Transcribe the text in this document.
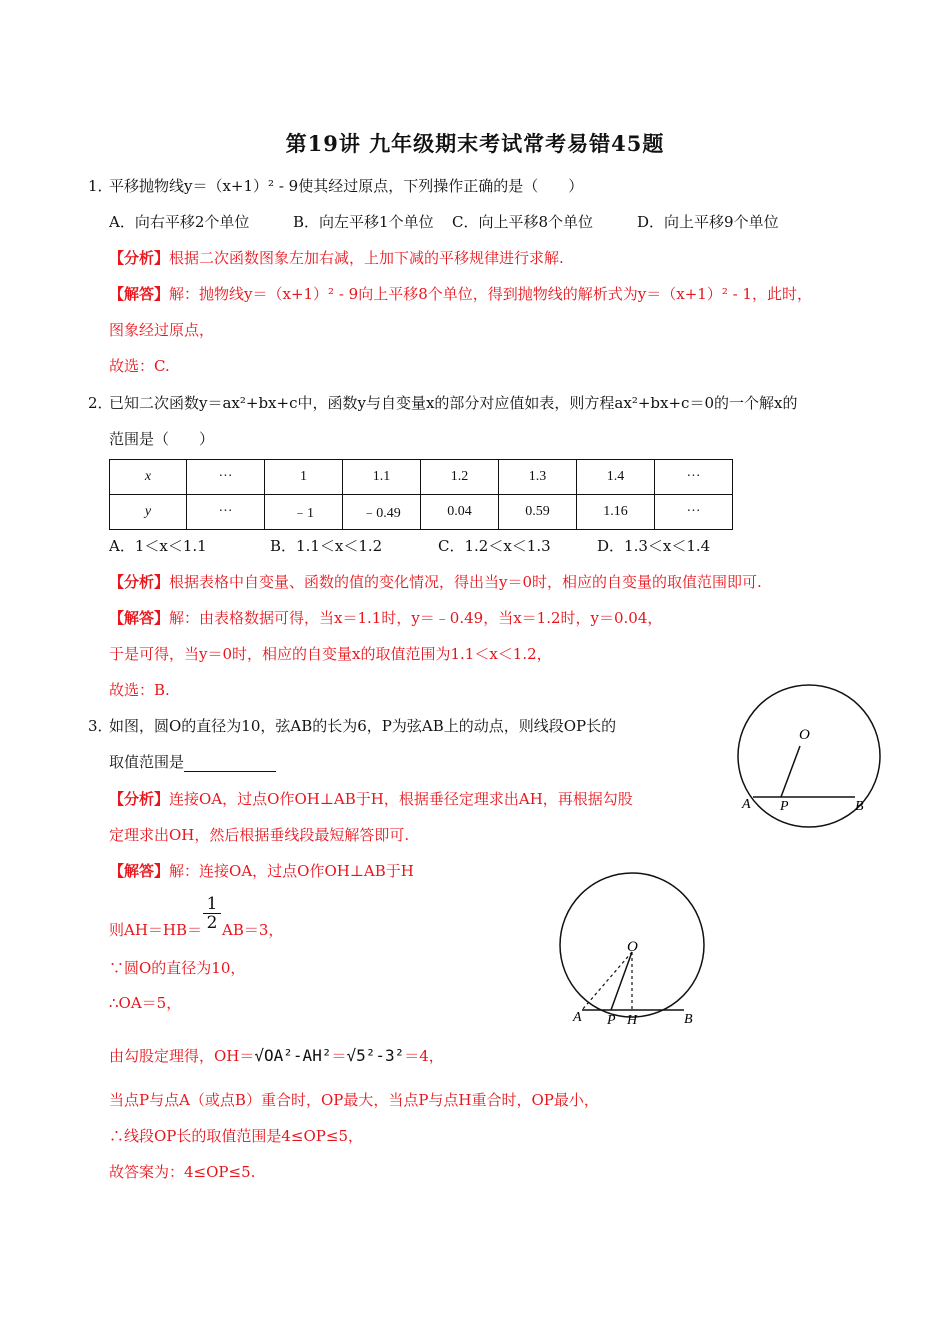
第19讲 九年级期末考试常考易错45题
1．
平移抛物线y＝（x+1）² - 9使其经过原点，下列操作正确的是（　　）
A．向右平移2个单位	B．向左平移1个单位 C．向上平移8个单位	D．向上平移9个单位
【分析】根据二次函数图象左加右减，上加下减的平移规律进行求解.
【解答】解：抛物线y＝（x+1）² - 9向上平移8个单位，得到抛物线的解析式为y＝（x+1）² - 1，此时，
图象经过原点，
故选：C.
2．
已知二次函数y＝ax²+bx+c中，函数y与自变量x的部分对应值如表，则方程ax²+bx+c＝0的一个解x的
范围是（　　）
x	···	1	1.1	1.2	1.3	1.4	···
y	···	﹣1	﹣0.49	0.04	0.59	1.16	···
A．1＜x＜1.1	B．1.1＜x＜1.2	C．1.2＜x＜1.3	D．1.3＜x＜1.4
【分析】根据表格中自变量、函数的值的变化情况，得出当y＝0时，相应的自变量的取值范围即可.
【解答】解：由表格数据可得，当x＝1.1时，y＝﹣0.49，当x＝1.2时，y＝0.04，
于是可得，当y＝0时，相应的自变量x的取值范围为1.1＜x＜1.2，
故选：B.
3．
如图，圆O的直径为10，弦AB的长为6，P为弦AB上的动点，则线段OP长的
取值范围是
O
A P	B
【分析】连接OA，过点O作OH⊥AB于H，根据垂径定理求出AH，再根据勾股
定理求出OH，然后根据垂线段最短解答即可.
【解答】解：连接OA，过点O作OH⊥AB于H
则AH＝HB＝ AB＝3，
$\frac{1}{2}$
∵圆O的直径为10，
∴OA＝5，
O
A P H	B
由勾股定理得，OH＝√OA²-AH²＝√5²-3²＝4，
当点P与点A（或点B）重合时，OP最大，当点P与点H重合时，OP最小，
∴线段OP长的取值范围是4≤OP≤5，
故答案为：4≤OP≤5.
